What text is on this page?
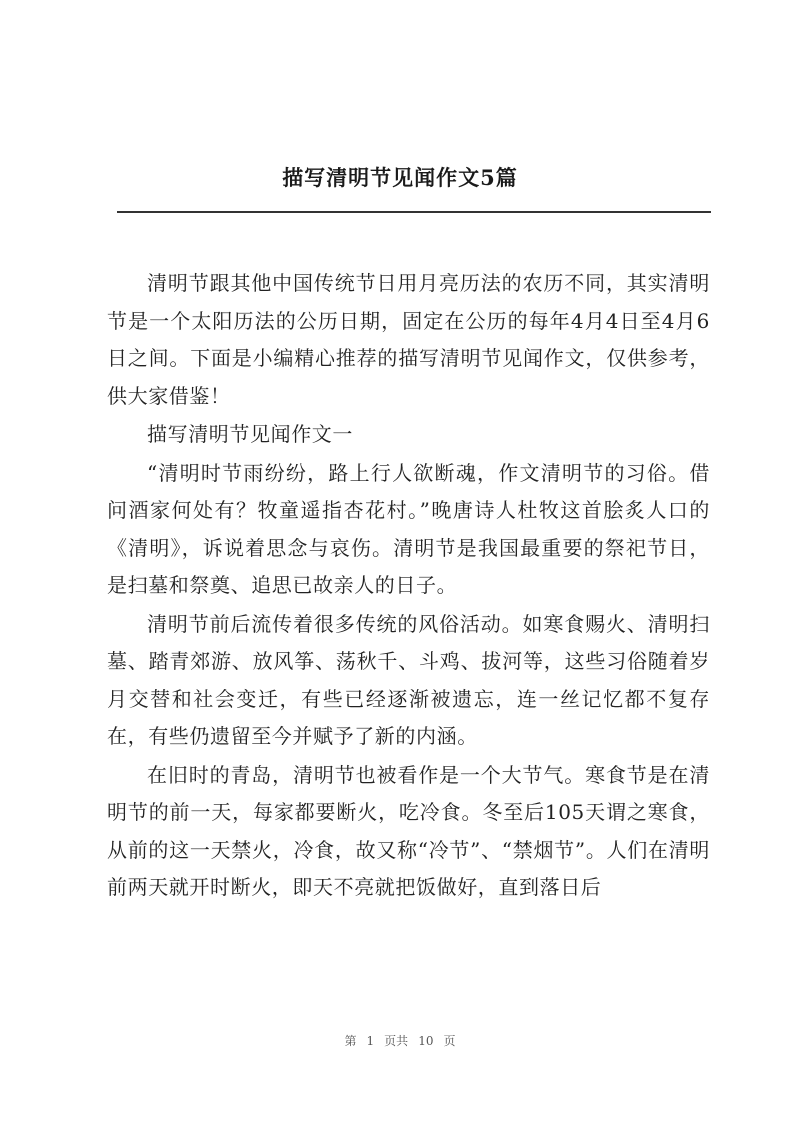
描写清明节见闻作文5篇

清明节跟其他中国传统节日用月亮历法的农历不同，其实清明节是一个太阳历法的公历日期，固定在公历的每年4月4日至4月6日之间。下面是小编精心推荐的描写清明节见闻作文，仅供参考，供大家借鉴！

描写清明节见闻作文一

“清明时节雨纷纷，路上行人欲断魂，作文清明节的习俗。借问酒家何处有？牧童遥指杏花村。”晚唐诗人杜牧这首脍炙人口的《清明》，诉说着思念与哀伤。清明节是我国最重要的祭祀节日，是扫墓和祭奠、追思已故亲人的日子。

清明节前后流传着很多传统的风俗活动。如寒食赐火、清明扫墓、踏青郊游、放风筝、荡秋千、斗鸡、拔河等，这些习俗随着岁月交替和社会变迁，有些已经逐渐被遗忘，连一丝记忆都不复存在，有些仍遗留至今并赋予了新的内涵。

在旧时的青岛，清明节也被看作是一个大节气。寒食节是在清明节的前一天，每家都要断火，吃冷食。冬至后105天谓之寒食，从前的这一天禁火，冷食，故又称“冷节”、“禁烟节”。人们在清明前两天就开时断火，即天不亮就把饭做好，直到落日后

第 1 页共 10 页
